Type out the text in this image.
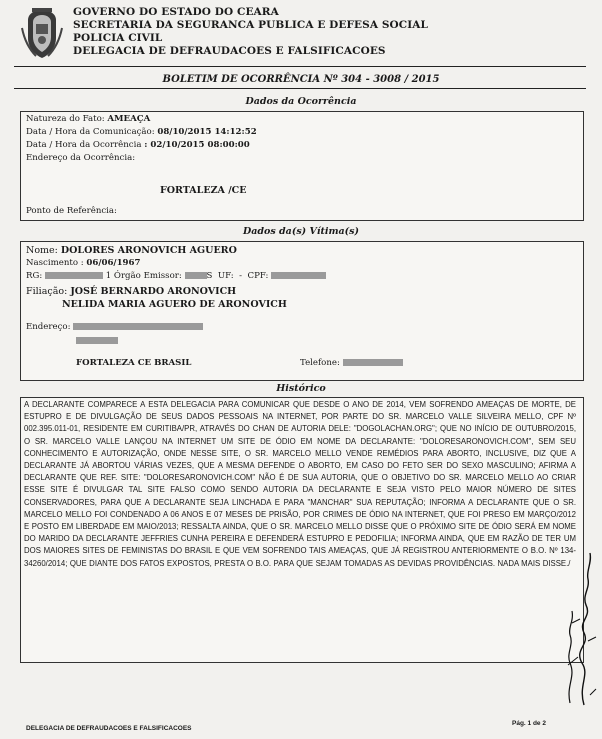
GOVERNO DO ESTADO DO CEARA
SECRETARIA DA SEGURANCA PUBLICA E DEFESA SOCIAL
POLICIA CIVIL
DELEGACIA DE DEFRAUDACOES E FALSIFICACOES
BOLETIM DE OCORRÊNCIA Nº 304 - 3008 / 2015
Dados da Ocorrência
Natureza do Fato: AMEAÇA
Data / Hora da Comunicação: 08/10/2015 14:12:52
Data / Hora da Ocorrência : 02/10/2015 08:00:00
Endereço da Ocorrência:
FORTALEZA /CE
Ponto de Referência:
Dados da(s) Vítima(s)
Nome: DOLORES ARONOVICH AGUERO
Nascimento : 06/06/1967
RG:	1 Órgão Emissor:	S UF: - CPF:
Filiação: JOSÉ BERNARDO ARONOVICH
NELIDA MARIA AGUERO DE ARONOVICH
Endereço:
FORTALEZA CE BRASIL	Telefone:
Histórico
A DECLARANTE COMPARECE A ESTA DELEGACIA PARA COMUNICAR QUE DESDE O ANO DE 2014, VEM SOFRENDO AMEAÇAS DE MORTE, DE ESTUPRO E DE DIVULGAÇÃO DE SEUS DADOS PESSOAIS NA INTERNET, POR PARTE DO SR. MARCELO VALLE SILVEIRA MELLO, CPF Nº 002.395.011-01, RESIDENTE EM CURITIBA/PR, ATRAVÉS DO CHAN DE AUTORIA DELE: "DOGOLACHAN.ORG"; QUE NO INÍCIO DE OUTUBRO/2015, O SR. MARCELO VALLE LANÇOU NA INTERNET UM SITE DE ÓDIO EM NOME DA DECLARANTE: "DOLORESARONOVICH.COM", SEM SEU CONHECIMENTO E AUTORIZAÇÃO, ONDE NESSE SITE, O SR. MARCELO MELLO VENDE REMÉDIOS PARA ABORTO, INCLUSIVE, DIZ QUE A DECLARANTE JÁ ABORTOU VÁRIAS VEZES, QUE A MESMA DEFENDE O ABORTO, EM CASO DO FETO SER DO SEXO MASCULINO; AFIRMA A DECLARANTE QUE REF. SITE: "DOLORESARONOVICH.COM" NÃO É DE SUA AUTORIA, QUE O OBJETIVO DO SR. MARCELO MELLO AO CRIAR ESSE SITE É DIVULGAR TAL SITE FALSO COMO SENDO AUTORIA DA DECLARANTE E SEJA VISTO PELO MAIOR NÚMERO DE SITES CONSERVADORES, PARA QUE A DECLARANTE SEJA LINCHADA E PARA "MANCHAR" SUA REPUTAÇÃO; INFORMA A DECLARANTE QUE O SR. MARCELO MELLO FOI CONDENADO A 06 ANOS E 07 MESES DE PRISÃO, POR CRIMES DE ÓDIO NA INTERNET, QUE FOI PRESO EM MARÇO/2012 E POSTO EM LIBERDADE EM MAIO/2013; RESSALTA AINDA, QUE O SR. MARCELO MELLO DISSE QUE O PRÓXIMO SITE DE ÓDIO SERÁ EM NOME DO MARIDO DA DECLARANTE JEFFRIES CUNHA PEREIRA E DEFENDERÁ ESTUPRO E PEDOFILIA; INFORMA AINDA, QUE EM RAZÃO DE TER UM DOS MAIORES SITES DE FEMINISTAS DO BRASIL E QUE VEM SOFRENDO TAIS AMEAÇAS, QUE JÁ REGISTROU ANTERIORMENTE O B.O. Nº 134-34260/2014; QUE DIANTE DOS FATOS EXPOSTOS, PRESTA O B.O. PARA QUE SEJAM TOMADAS AS DEVIDAS PROVIDÊNCIAS. NADA MAIS DISSE./
DELEGACIA DE DEFRAUDACOES E FALSIFICACOES
Pág. 1 de 2
